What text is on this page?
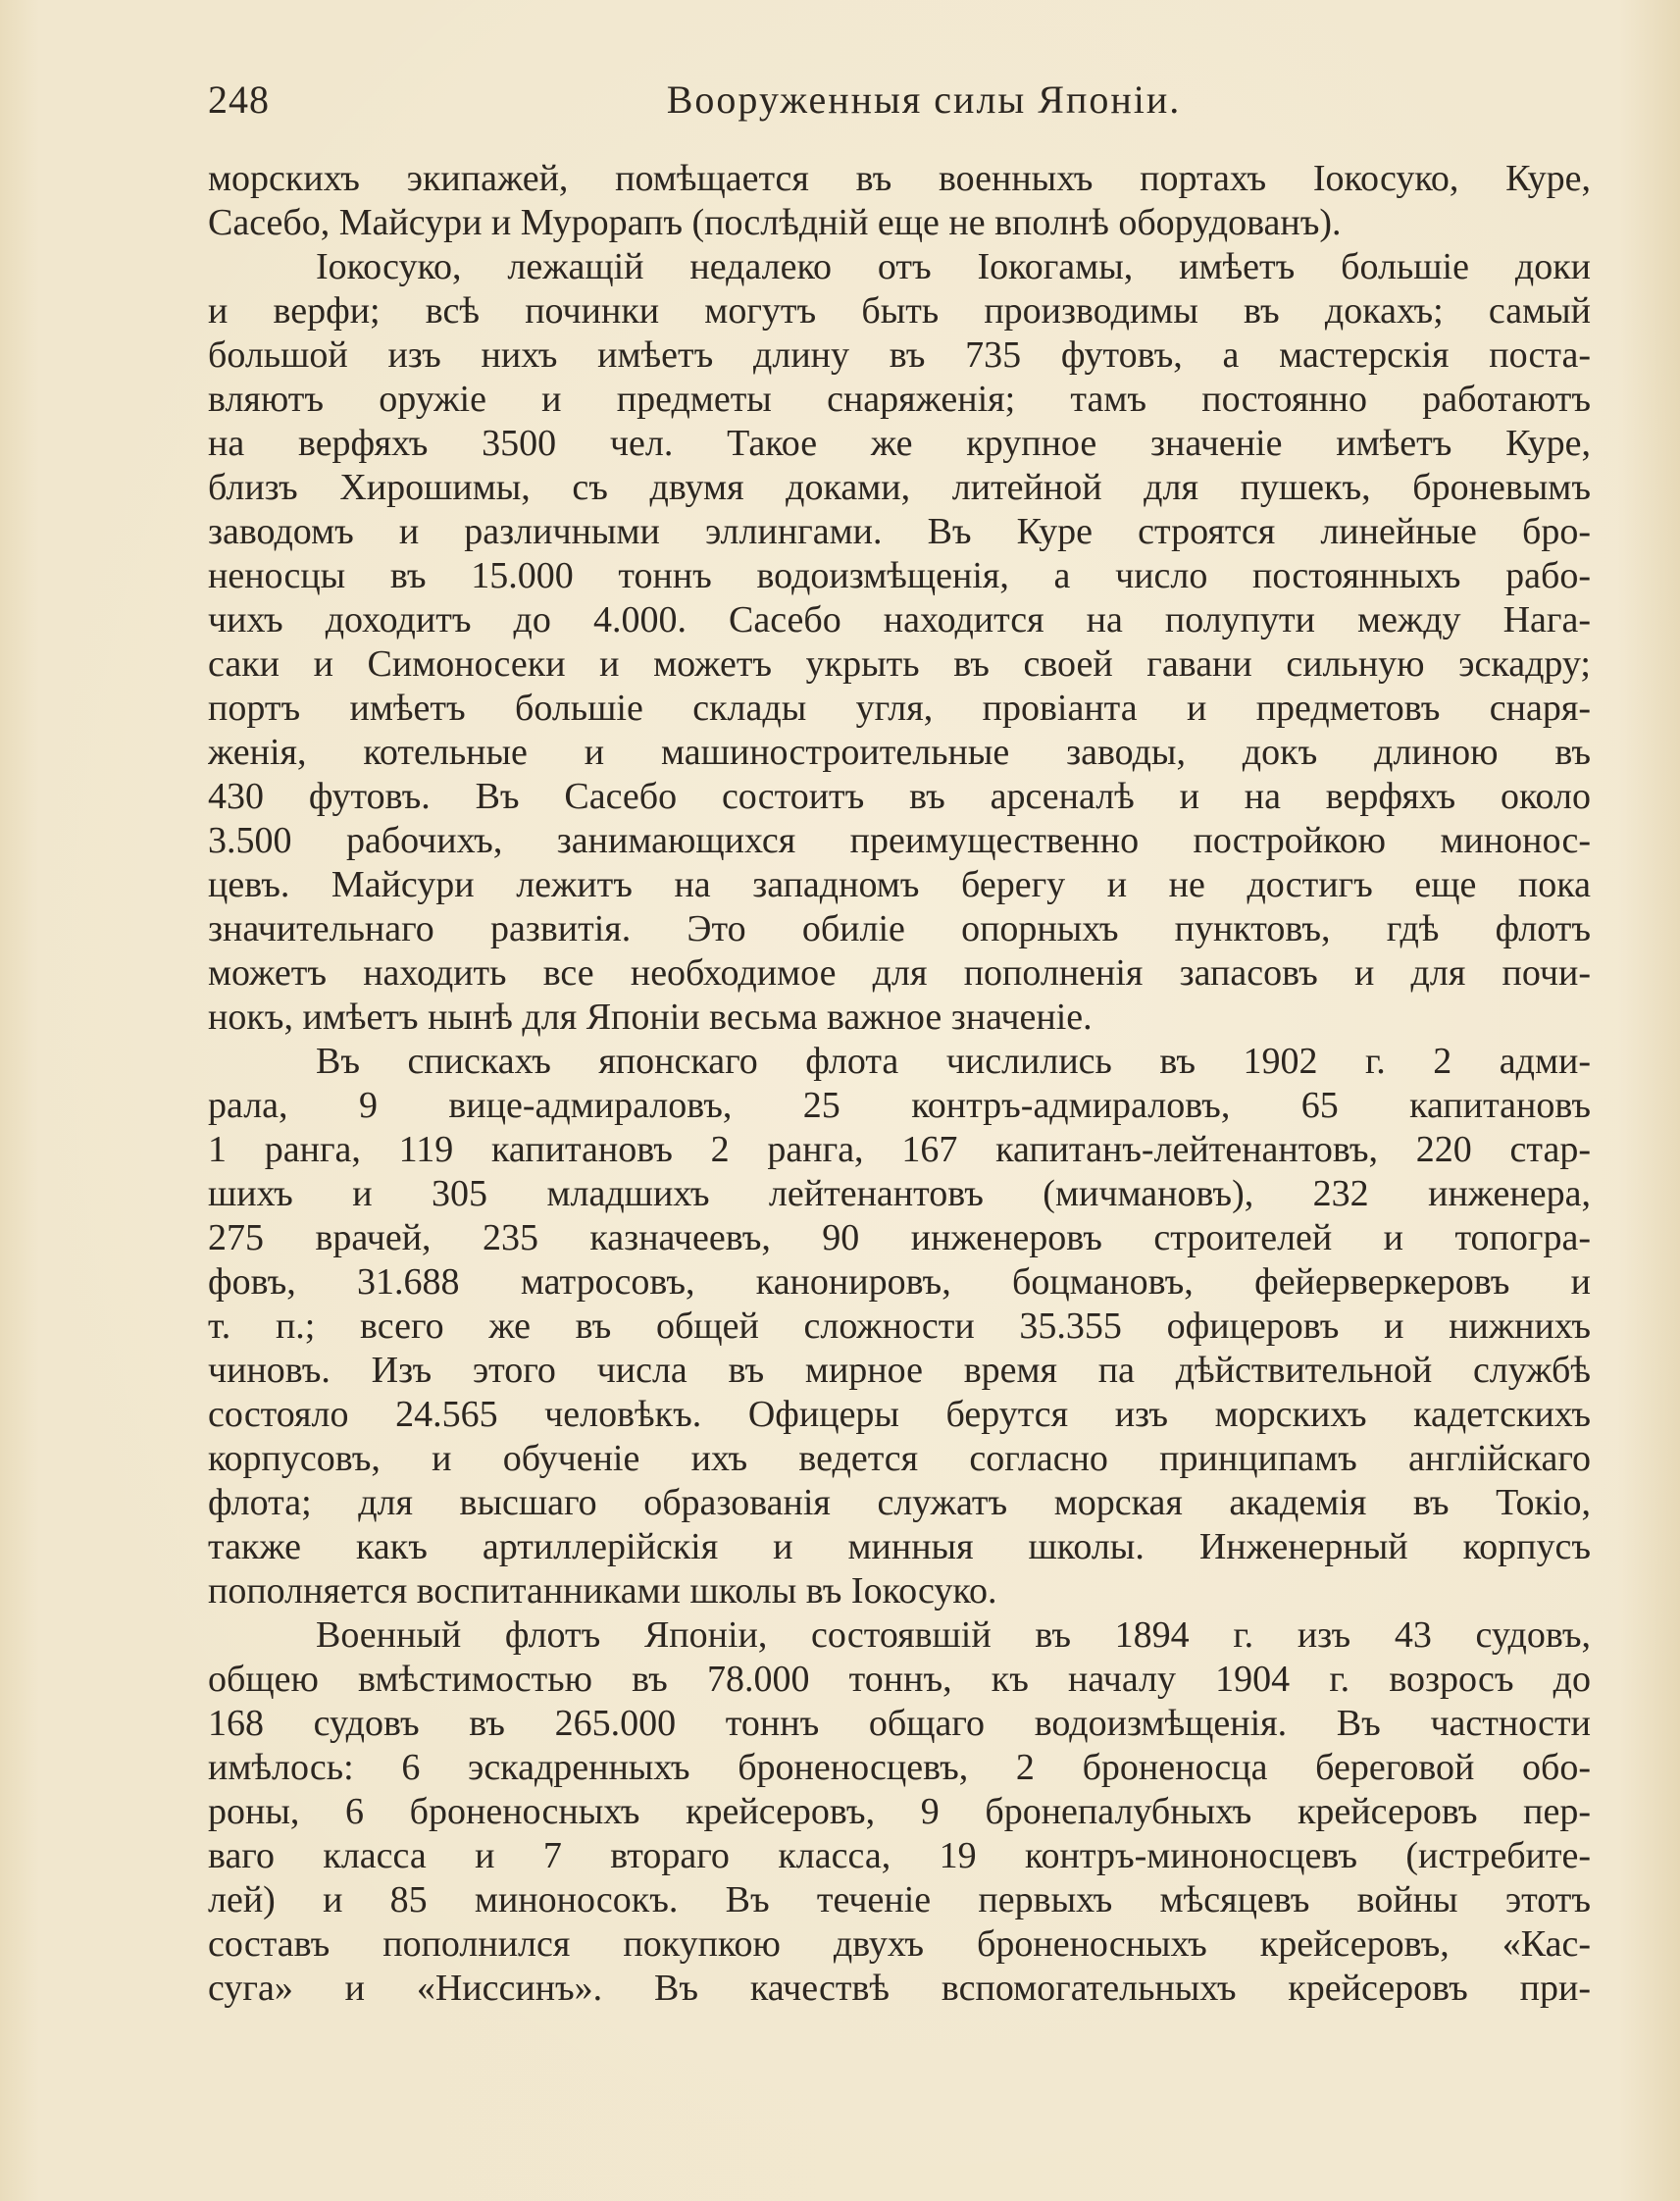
248	Вооруженныя силы Японіи.
морскихъ экипажей, помѣщается въ военныхъ портахъ Іокосуко, Куре,
Сасебо, Майсури и Мурорапъ (послѣдній еще не вполнѣ оборудованъ).
Іокосуко, лежащій недалеко отъ Іокогамы, имѣетъ большіе доки
и верфи; всѣ починки могутъ быть производимы въ докахъ; самый
большой изъ нихъ имѣетъ длину въ 735 футовъ, а мастерскія поста-
вляютъ оружіе и предметы снаряженія; тамъ постоянно работаютъ
на верфяхъ 3500 чел. Такое же крупное значеніе имѣетъ Куре,
близъ Хирошимы, съ двумя доками, литейной для пушекъ, броневымъ
заводомъ и различными эллингами. Въ Куре строятся линейные бро-
неносцы въ 15.000 тоннъ водоизмѣщенія, а число постоянныхъ рабо-
чихъ доходитъ до 4.000. Сасебо находится на полупути между Нагa-
саки и Симоносеки и можетъ укрыть въ своей гавани сильную эскадру;
портъ имѣетъ большіе склады угля, провіанта и предметовъ снаря-
женія, котельные и машиностроительные заводы, докъ длиною въ
430 футовъ. Въ Сасебо состоитъ въ арсеналѣ и на верфяхъ около
3.500 рабочихъ, занимающихся преимущественно постройкою минонос-
цевъ. Майсури лежитъ на западномъ берегу и не достигъ еще пока
значительнаго развитія. Это обиліе опорныхъ пунктовъ, гдѣ флотъ
можетъ находить все необходимое для пополненія запасовъ и для почи-
нокъ, имѣетъ нынѣ для Японіи весьма важное значеніе.
Въ спискахъ японскаго флота числились въ 1902 г. 2 адми-
рала, 9 вице-адмираловъ, 25 контръ-адмираловъ, 65 капитановъ
1 ранга, 119 капитановъ 2 ранга, 167 капитанъ-лейтенантовъ, 220 стар-
шихъ и 305 младшихъ лейтенантовъ (мичмановъ), 232 инженера,
275 врачей, 235 казначеевъ, 90 инженеровъ строителей и топогра-
фовъ, 31.688 матросовъ, канонировъ, боцмановъ, фейерверкеровъ и
т. п.; всего же въ общей сложности 35.355 офицеровъ и нижнихъ
чиновъ. Изъ этого числа въ мирное время па дѣйствительной службѣ
состояло 24.565 человѣкъ. Офицеры берутся изъ морскихъ кадетскихъ
корпусовъ, и обученіе ихъ ведется согласно принципамъ англійскаго
флота; для высшаго образованія служатъ морская академія въ Токіо,
также какъ артиллерійскія и минныя школы. Инженерный корпусъ
пополняется воспитанниками школы въ Іокосуко.
Военный флотъ Японіи, состоявшій въ 1894 г. изъ 43 судовъ,
общею вмѣстимостью въ 78.000 тоннъ, къ началу 1904 г. возросъ до
168 судовъ въ 265.000 тоннъ общаго водоизмѣщенія. Въ частности
имѣлось: 6 эскадренныхъ броненосцевъ, 2 броненосца береговой обо-
роны, 6 броненосныхъ крейсеровъ, 9 бронепалубныхъ крейсеровъ пер-
ваго класса и 7 втораго класса, 19 контръ-миноносцевъ (истребите-
лей) и 85 миноносокъ. Въ теченіе первыхъ мѣсяцевъ войны этотъ
составъ пополнился покупкою двухъ броненосныхъ крейсеровъ, «Кас-
суга» и «Ниссинъ». Въ качествѣ вспомогательныхъ крейсеровъ при-
